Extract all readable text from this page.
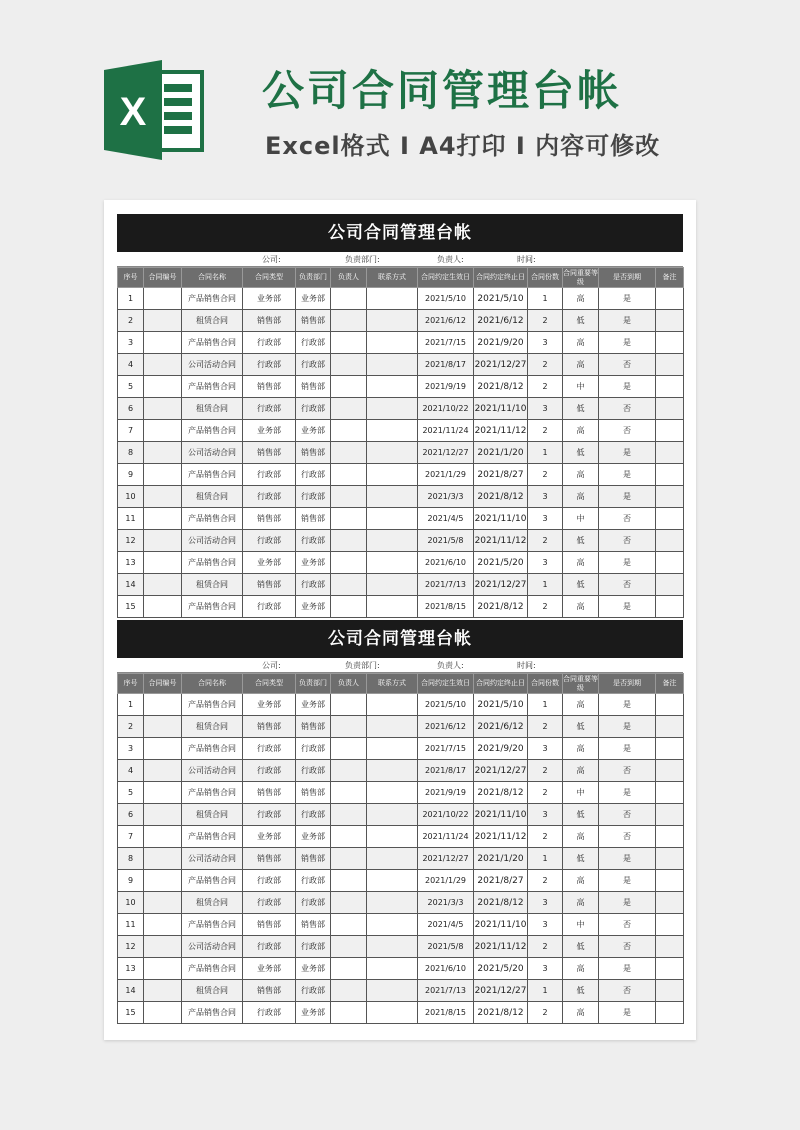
X	公司合同管理台帐
Excel格式 I A4打印 I 内容可修改
公司合同管理台帐
公司:	负责部门:	负责人:	时间:
序号	合同编号	合同名称	合同类型	负责部门	负责人	联系方式	合同约定生效日	合同约定终止日	合同份数	合同重要等级	是否到期	备注
1		产品销售合同	业务部	业务部			2021/5/10	2021/5/10	1	高	是	
2		租赁合同	销售部	销售部			2021/6/12	2021/6/12	2	低	是	
3		产品销售合同	行政部	行政部			2021/7/15	2021/9/20	3	高	是	
4		公司活动合同	行政部	行政部			2021/8/17	2021/12/27	2	高	否	
5		产品销售合同	销售部	销售部			2021/9/19	2021/8/12	2	中	是	
6		租赁合同	行政部	行政部			2021/10/22	2021/11/10	3	低	否	
7		产品销售合同	业务部	业务部			2021/11/24	2021/11/12	2	高	否	
8		公司活动合同	销售部	销售部			2021/12/27	2021/1/20	1	低	是	
9		产品销售合同	行政部	行政部			2021/1/29	2021/8/27	2	高	是	
10		租赁合同	行政部	行政部			2021/3/3	2021/8/12	3	高	是	
11		产品销售合同	销售部	销售部			2021/4/5	2021/11/10	3	中	否	
12		公司活动合同	行政部	行政部			2021/5/8	2021/11/12	2	低	否	
13		产品销售合同	业务部	业务部			2021/6/10	2021/5/20	3	高	是	
14		租赁合同	销售部	行政部			2021/7/13	2021/12/27	1	低	否	
15		产品销售合同	行政部	业务部			2021/8/15	2021/8/12	2	高	是	
公司合同管理台帐
公司:	负责部门:	负责人:	时间:
序号	合同编号	合同名称	合同类型	负责部门	负责人	联系方式	合同约定生效日	合同约定终止日	合同份数	合同重要等级	是否到期	备注
1		产品销售合同	业务部	业务部			2021/5/10	2021/5/10	1	高	是	
2		租赁合同	销售部	销售部			2021/6/12	2021/6/12	2	低	是	
3		产品销售合同	行政部	行政部			2021/7/15	2021/9/20	3	高	是	
4		公司活动合同	行政部	行政部			2021/8/17	2021/12/27	2	高	否	
5		产品销售合同	销售部	销售部			2021/9/19	2021/8/12	2	中	是	
6		租赁合同	行政部	行政部			2021/10/22	2021/11/10	3	低	否	
7		产品销售合同	业务部	业务部			2021/11/24	2021/11/12	2	高	否	
8		公司活动合同	销售部	销售部			2021/12/27	2021/1/20	1	低	是	
9		产品销售合同	行政部	行政部			2021/1/29	2021/8/27	2	高	是	
10		租赁合同	行政部	行政部			2021/3/3	2021/8/12	3	高	是	
11		产品销售合同	销售部	销售部			2021/4/5	2021/11/10	3	中	否	
12		公司活动合同	行政部	行政部			2021/5/8	2021/11/12	2	低	否	
13		产品销售合同	业务部	业务部			2021/6/10	2021/5/20	3	高	是	
14		租赁合同	销售部	行政部			2021/7/13	2021/12/27	1	低	否	
15		产品销售合同	行政部	业务部			2021/8/15	2021/8/12	2	高	是	
